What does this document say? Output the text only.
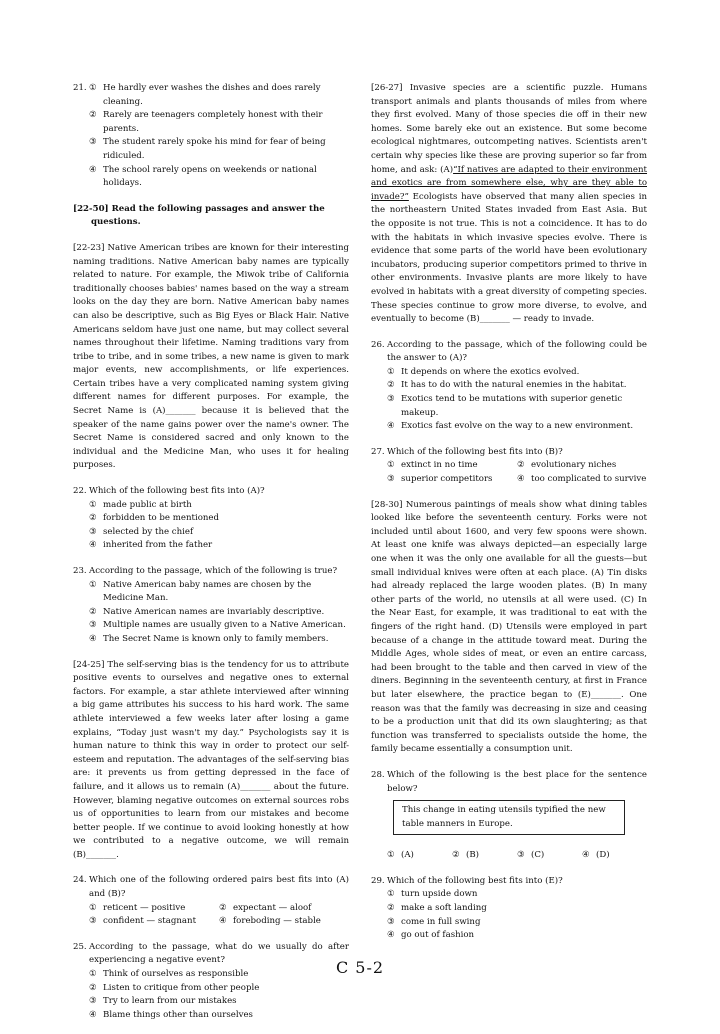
21. ① He hardly ever washes the dishes and does rarely cleaning.
② Rarely are teenagers completely honest with their parents.
③ The student rarely spoke his mind for fear of being ridiculed.
④ The school rarely opens on weekends or national holidays.
[22-50] Read the following passages and answer the
questions.

[22-23] Native American tribes are known for their interesting naming traditions. Native American baby names are typically related to nature. For example, the Miwok tribe of California traditionally chooses babies' names based on the way a stream looks on the day they are born. Native American baby names can also be descriptive, such as Big Eyes or Black Hair. Native Americans seldom have just one name, but may collect several names throughout their lifetime. Naming traditions vary from tribe to tribe, and in some tribes, a new name is given to mark major events, new accomplishments, or life experiences. Certain tribes have a very complicated naming system giving different names for different purposes. For example, the Secret Name is (A)_______ because it is believed that the speaker of the name gains power over the name's owner. The Secret Name is considered sacred and only known to the individual and the Medicine Man, who uses it for healing purposes.

22. Which of the following best fits into (A)?
① made public at birth
② forbidden to be mentioned
③ selected by the chief
④ inherited from the father
23. According to the passage, which of the following is true?
① Native American baby names are chosen by the Medicine Man.
② Native American names are invariably descriptive.
③ Multiple names are usually given to a Native American.
④ The Secret Name is known only to family members.

[24-25] The self-serving bias is the tendency for us to attribute positive events to ourselves and negative ones to external factors. For example, a star athlete interviewed after winning a big game attributes his success to his hard work. The same athlete interviewed a few weeks later after losing a game explains, “Today just wasn't my day.” Psychologists say it is human nature to think this way in order to protect our self-esteem and reputation. The advantages of the self-serving bias are: it prevents us from getting depressed in the face of failure, and it allows us to remain (A)_______ about the future. However, blaming negative outcomes on external sources robs us of opportunities to learn from our mistakes and become better people. If we continue to avoid looking honestly at how we contributed to a negative outcome, we will remain (B)_______.

24. Which one of the following ordered pairs best fits into (A) and (B)?
① reticent — positive	② expectant — aloof
③ confident — stagnant	④ foreboding — stable
25. According to the passage, what do we usually do after experiencing a negative event?
① Think of ourselves as responsible
② Listen to critique from other people
③ Try to learn from our mistakes
④ Blame things other than ourselves

[26-27] Invasive species are a scientific puzzle. Humans transport animals and plants thousands of miles from where they first evolved. Many of those species die off in their new homes. Some barely eke out an existence. But some become ecological nightmares, outcompeting natives. Scientists aren't certain why species like these are proving superior so far from home, and ask: (A)“If natives are adapted to their environment and exotics are from somewhere else, why are they able to invade?” Ecologists have observed that many alien species in the northeastern United States invaded from East Asia. But the opposite is not true. This is not a coincidence. It has to do with the habitats in which invasive species evolve. There is evidence that some parts of the world have been evolutionary incubators, producing superior competitors primed to thrive in other environments. Invasive plants are more likely to have evolved in habitats with a great diversity of competing species. These species continue to grow more diverse, to evolve, and eventually to become (B)_______ — ready to invade.

26. According to the passage, which of the following could be the answer to (A)?
① It depends on where the exotics evolved.
② It has to do with the natural enemies in the habitat.
③ Exotics tend to be mutations with superior genetic makeup.
④ Exotics fast evolve on the way to a new environment.
27. Which of the following best fits into (B)?
① extinct in no time	② evolutionary niches
③ superior competitors	④ too complicated to survive

[28-30] Numerous paintings of meals show what dining tables looked like before the seventeenth century. Forks were not included until about 1600, and very few spoons were shown. At least one knife was always depicted—an especially large one when it was the only one available for all the guests—but small individual knives were often at each place. (A) Tin disks had already replaced the large wooden plates. (B) In many other parts of the world, no utensils at all were used. (C) In the Near East, for example, it was traditional to eat with the fingers of the right hand. (D) Utensils were employed in part because of a change in the attitude toward meat. During the Middle Ages, whole sides of meat, or even an entire carcass, had been brought to the table and then carved in view of the diners. Beginning in the seventeenth century, at first in France but later elsewhere, the practice began to (E)_______. One reason was that the family was decreasing in size and ceasing to be a production unit that did its own slaughtering; as that function was transferred to specialists outside the home, the family became essentially a consumption unit.

28. Which of the following is the best place for the sentence below?
This change in eating utensils typified the new table manners in Europe.
① (A)	② (B)	③ (C)	④ (D)
29. Which of the following best fits into (E)?
① turn upside down
② make a soft landing
③ come in full swing
④ go out of fashion
C 5-2
